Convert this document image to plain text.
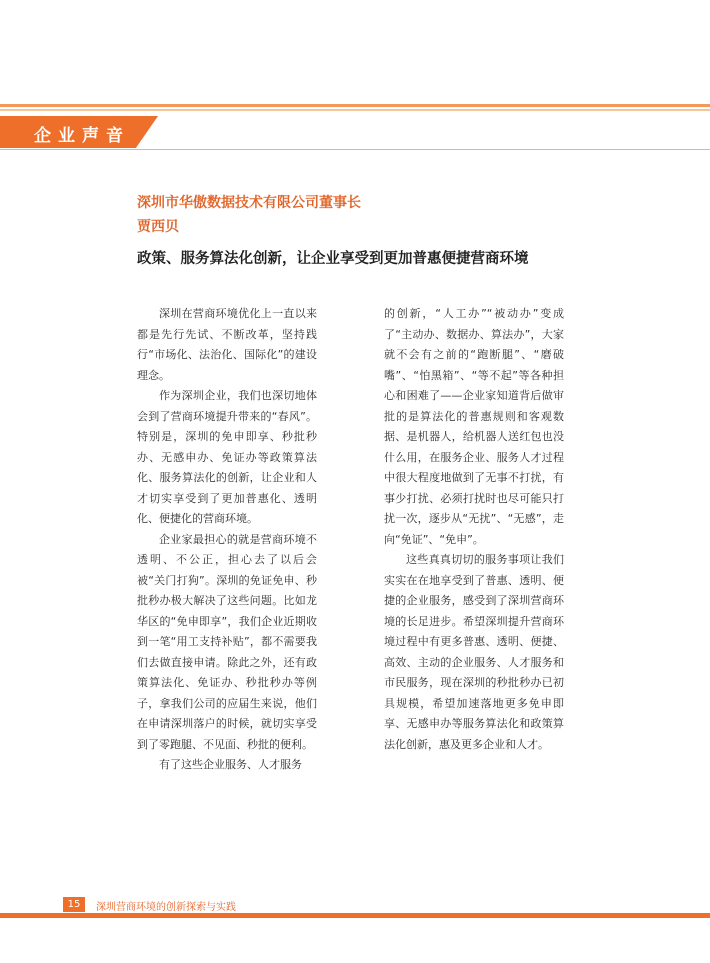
企业声音
深圳市华傲数据技术有限公司董事长
贾西贝
政策、服务算法化创新，让企业享受到更加普惠便捷营商环境

深圳在营商环境优化上一直以来都是先行先试、不断改革，坚持践行“市场化、法治化、国际化”的建设理念。

作为深圳企业，我们也深切地体会到了营商环境提升带来的“春风”。特别是，深圳的免申即享、秒批秒办、无感申办、免证办等政策算法化、服务算法化的创新，让企业和人才切实享受到了更加普惠化、透明化、便捷化的营商环境。

企业家最担心的就是营商环境不透明、不公正，担心去了以后会被“关门打狗”。深圳的免证免申、秒批秒办极大解决了这些问题。比如龙华区的“免申即享”，我们企业近期收到一笔“用工支持补贴”，都不需要我们去做直接申请。除此之外，还有政策算法化、免证办、秒批秒办等例子，拿我们公司的应届生来说，他们在申请深圳落户的时候，就切实享受到了零跑腿、不见面、秒批的便利。

有了这些企业服务、人才服务

的创新，“人工办”“被动办”变成了“主动办、数据办、算法办”，大家就不会有之前的“跑断腿”、“磨破嘴”、“怕黑箱”、“等不起”等各种担心和困难了——企业家知道背后做审批的是算法化的普惠规则和客观数据、是机器人，给机器人送红包也没什么用，在服务企业、服务人才过程中很大程度地做到了无事不打扰，有事少打扰、必须打扰时也尽可能只打扰一次，逐步从“无扰”、“无感”，走向“免证”、“免申”。

这些真真切切的服务事项让我们实实在在地享受到了普惠、透明、便捷的企业服务，感受到了深圳营商环境的长足进步。希望深圳提升营商环境过程中有更多普惠、透明、便捷、高效、主动的企业服务、人才服务和市民服务，现在深圳的秒批秒办已初具规模，希望加速落地更多免申即享、无感申办等服务算法化和政策算法化创新，惠及更多企业和人才。

15	深圳营商环境的创新探索与实践
